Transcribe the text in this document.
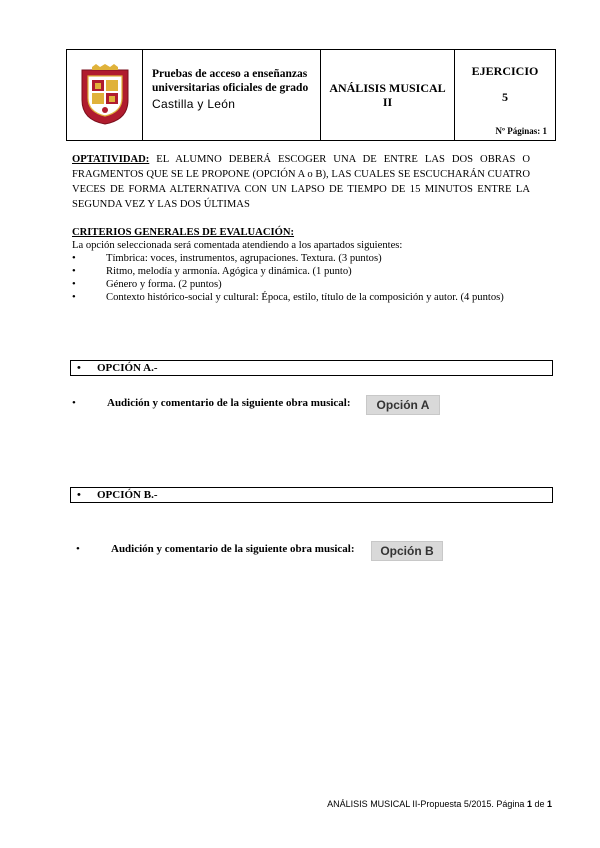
Pruebas de acceso a enseñanzas
universitarias oficiales de grado
Castilla y León
ANÁLISIS MUSICAL
II
EJERCICIO
5
Nº Páginas: 1
OPTATIVIDAD: EL ALUMNO DEBERÁ ESCOGER UNA DE ENTRE LAS DOS OBRAS O FRAGMENTOS QUE SE LE PROPONE (OPCIÓN A o B), LAS CUALES SE ESCUCHARÁN CUATRO VECES DE FORMA ALTERNATIVA CON UN LAPSO DE TIEMPO DE 15 MINUTOS ENTRE LA SEGUNDA VEZ Y LAS DOS ÚLTIMAS
CRITERIOS GENERALES DE EVALUACIÓN:
La opción seleccionada será comentada atendiendo a los apartados siguientes:
•	Tímbrica: voces, instrumentos, agrupaciones. Textura. (3 puntos)
•	Ritmo, melodía y armonía. Agógica y dinámica. (1 punto)
•	Género y forma. (2 puntos)
•	Contexto histórico-social y cultural: Época, estilo, título de la composición y autor. (4 puntos)
• OPCIÓN A.-
•	Audición y comentario de la siguiente obra musical:	Opción A
• OPCIÓN B.-
•	Audición y comentario de la siguiente obra musical:	Opción B
ANÁLISIS MUSICAL II-Propuesta 5/2015. Página 1 de 1
